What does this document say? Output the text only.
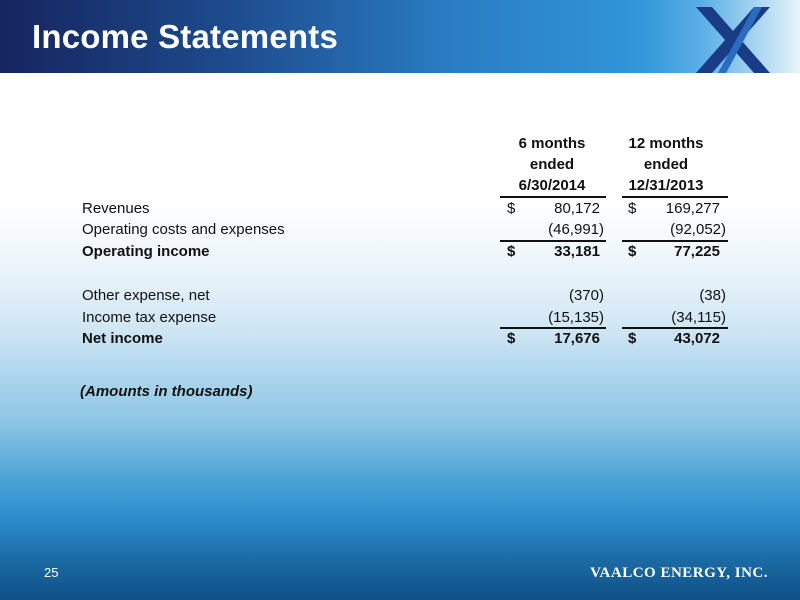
Income Statements
6 months
ended
6/30/2014
12 months
ended
12/31/2013
Revenues	$	80,172 $	169,277
Operating costs and expenses	(46,991)	(92,052)
Operating income	$	33,181 $	77,225
Other expense, net	(370)	(38)
Income tax expense	(15,135)	(34,115)
Net income	$	17,676 $	43,072
(Amounts in thousands)
25	VAALCO ENERGY, INC.
